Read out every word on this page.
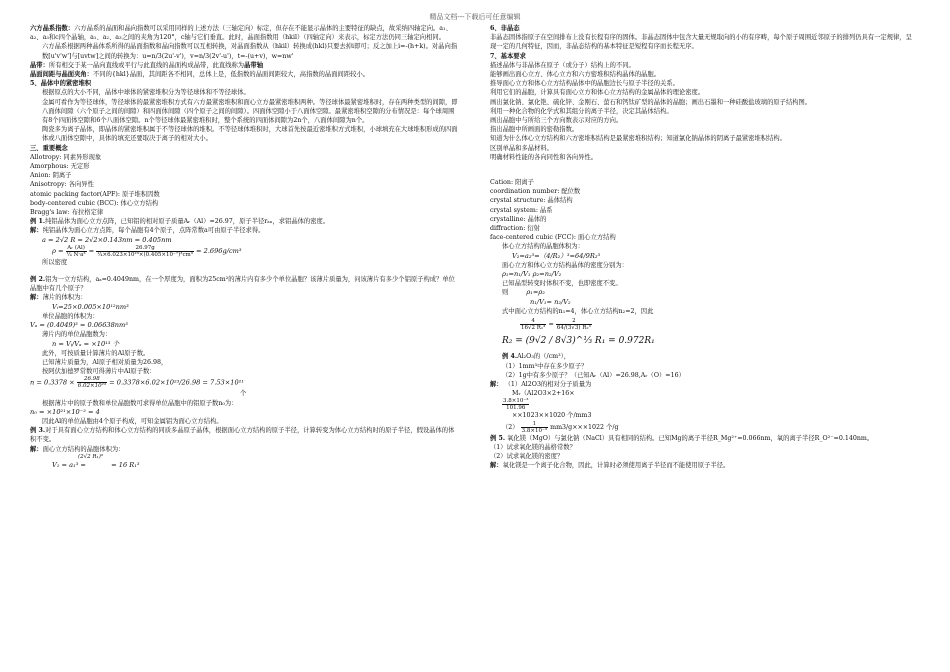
精品文档---下载后可任意编辑

六方晶系指数：六方晶系的晶面和晶向指数可以采用同样的上述方法（三轴定向）标定，但存在不能显示晶体的主要特征的缺点，故采纳四轴定向。a₁、a₂、a₃和c四个晶轴，a₁、a₂、a₃之间的夹角为120°，c轴与它们垂直。此时，晶面指数用（hkil）（四轴定向）来表示，标定方法仍同三轴定向相同。

六方晶系根据两种晶体系所得的晶面指数和晶向指数可以互相转换，对晶面指数从（hkil）转换成(hkl)只要去掉i即可；反之加上i=-(h+k)。对晶向指数[u'v'w']与[uvtw]之间的转换为：u=n/3(2u'-v')，v=n/3(2v'-u')，t=-(u+v)，w=nw'

晶带：所有相交于某一晶向直线或平行与此直线的晶面构成晶带，此直线称为晶带轴

晶面间距与晶面夹角：不同的{hkl}晶面，其间距各不相同，总体上是，低指数的晶面间距较大，高指数的晶面间距较小。

5、晶体中的紧密堆积

根据原点的大小不同，晶体中球体的紧密堆积分为等径球体和不等径球体。

金属可看作为等径球体，等径球体的最紧密堆积方式有六方最紧密堆积和面心立方最紧密堆积两种。等径球体最紧密堆积时，存在两种类型的间隙，即八面体间隙（六个原子之间的间隙）和四面体间隙（四个原子之间的间隙）。四面体空隙小于八面体空隙。最紧密堆积空隙的分布情况是：每个球周围有8个四面体空隙和6个八面体空隙。n个等径球体最紧密堆积时，整个系统的四面体间隙为2n个，八面体间隙为n个。

陶瓷多为离子晶体，即晶体的紧密堆积属于不等径球体的堆积。不等径球体堆积时，大球首先按最近密堆积方式堆积，小球填充在大球堆积形成的四面体或八面体空隙中，具体的填充还要取决于离子的相对大小。

三、重要概念

Allotropy: 同素异形现象

Amorphous: 无定形

Anion: 阴离子

Anisotropy: 各向异性

atomic packing factor(APF): 原子堆积因数

body-centered cubic (BCC): 体心立方结构

Bragg's law: 布拉格定律

例 1.纯铝晶体为面心立方点阵，已知铝的相对原子质量Aᵣ（Al）=26.97，原子半径rₐₙ，求铝晶体的密度。

解：纯铝晶体为面心立方点阵，每个晶胞有4个原子，点阵常数a可由原子半径求得。

a = 2√2 R = 2√2×0.143nm = 0.405nm

$\rho = \frac{\text{Aᵣ (Al)}}{\text{¼ N·a³}} = \frac{26.97g}{\text{¼×6.023×10²³×(0.405×10⁻⁷)³cm³}} = 2.696g/cm^3$

所以密度

例 2.铝为一立方结构，aₐ=0.4049nm，在一个厚度为，面积为25cm²的薄片内有多少个单位晶胞？该薄片质量为，问该薄片有多少个铝原子构成？单位晶胞中有几个原子？

解：薄片的体积为：

Vᵢ=25×0.005×10¹²nm³

单位晶胞的体积为：

Vₐ = (0.4049)³ = 0.06638nm³

薄片内的单位晶胞数为：

n = Vᵢ/Vₐ = ×10¹³ 个

此外，可按质量计算薄片的Al原子数。

已知薄片质量为，Al原子相对质量为26.98，

按阿伏加德罗常数可得薄片中Al原子数：

$n = 0.3378 \times \frac{26.98}{\text{6.02×10²³}} = 0.3378\times 6.02\times 10^{23}/26.98 = 7.53\times 10^{21}$

个

根据薄片中的原子数和单位晶胞数可求得单位晶胞中的铝原子数n₀为：

n₀ = ×10²¹×10⁻² = 4

因此Al的单位晶胞由4个原子构成，可知金属铝为面心立方结构。

例 3.对于具有面心立方结构和体心立方结构的同质多晶原子晶体，根据面心立方结构的原子半径，计算转变为体心立方结构时的原子半径，假设晶体的体积不变。

解：面心立方结构的晶胞体积为：

(2√2 R₁)³

V₁ = a₁³ =	= 16 R₁³

6、非晶态

非晶态固体指原子在空间排布上没有长程有序的固体。非晶态固体中包含大量无规取向的小的有序畴，每个原子周围近邻原子的排列仍具有一定规律，呈现一定的几何特征，因而，非晶态结构的基本特征是短程有序而长程无序。

7、基本要求

描述晶体与非晶体在原子（或分子）结构上的不同。

能够画出面心立方、体心立方和六方密堆积结构晶体的晶胞。

推导面心立方和体心立方结构晶体中的晶胞边长与原子半径的关系。

利用它们的晶胞，计算具有面心立方和体心立方结构的金属晶体的理论密度。

画出氯化钠、氯化铯、硫化锌、金刚石、萤石和钙钛矿型的晶体的晶胞；画出石墨和一种硅酸盐玻璃的原子结构图。

利用一种化合物的化学式和其组分的离子半径，决定其晶体结构。

画出晶胞中与所给三个方向数表示对应的方向。

指出晶胞中所画面的密勒指数。

知道为什么体心立方结构和六方密堆积结构是最紧密堆积结构；知道氯化钠晶体的阴离子最紧密堆积结构。

区别单晶和多晶材料。

明确材料性能的各向同性和各向异性。

Cation: 阳离子

coordination number: 配位数

crystal structure: 晶体结构

crystal system: 晶系

crystalline: 晶体的

diffraction: 衍射

face-centered cubic (FCC): 面心立方结构

体心立方结构的晶胞体积为：

V₂=a₂³=（4/R₂）³=64/9R₂³

面心立方和体心立方结构晶体的密度分别为：

ρ₁=n₁/V₁ ρ₂=n₂/V₂

已知晶型转变时体积不变，也即密度不变。

则	ρ₁=ρ₂

n₁/V₁= n₂/V₂

式中面心立方结构的n₁=4，体心立方结构n₂=2，因此

$\frac{4}{\text{16√2 R₁³}} = \frac{2}{\text{64/(3√3) R₂³}}$

R₂ = (9√2 / 8√3)^⅓ R₁ = 0.972R₁

例 4.Al₂O₃的（/cm³），

（1）1mm³中存在多少原子？

（2）1g中有多少原子？（已知Aᵣ（Al）=26.98,Aᵣ（O）=16）

解： （1）Al2O3的相对分子质量为

Mᵣ（Al2O3×2+16×

$\frac{\text{3.8×10⁻³}}{101.96}$

××1023××1020 个/mm3

$(2) \frac{1}{\text{3.8×10⁻³}} mm3/g\times\times\times 1022$ 个/g

例 5. 氧化镁（MgO）与氯化钠（NaCl）具有相同的结构。已知Mg的离子半径R_Mg²⁺=0.066nm，氧的离子半径R_O²⁻=0.140nm。

（1）试求氧化镁的晶格常数？

（2）试求氧化镁的密度？

解：氧化镁是一个离子化合物，因此，计算时必须使用离子半径而不能使用原子半径。
